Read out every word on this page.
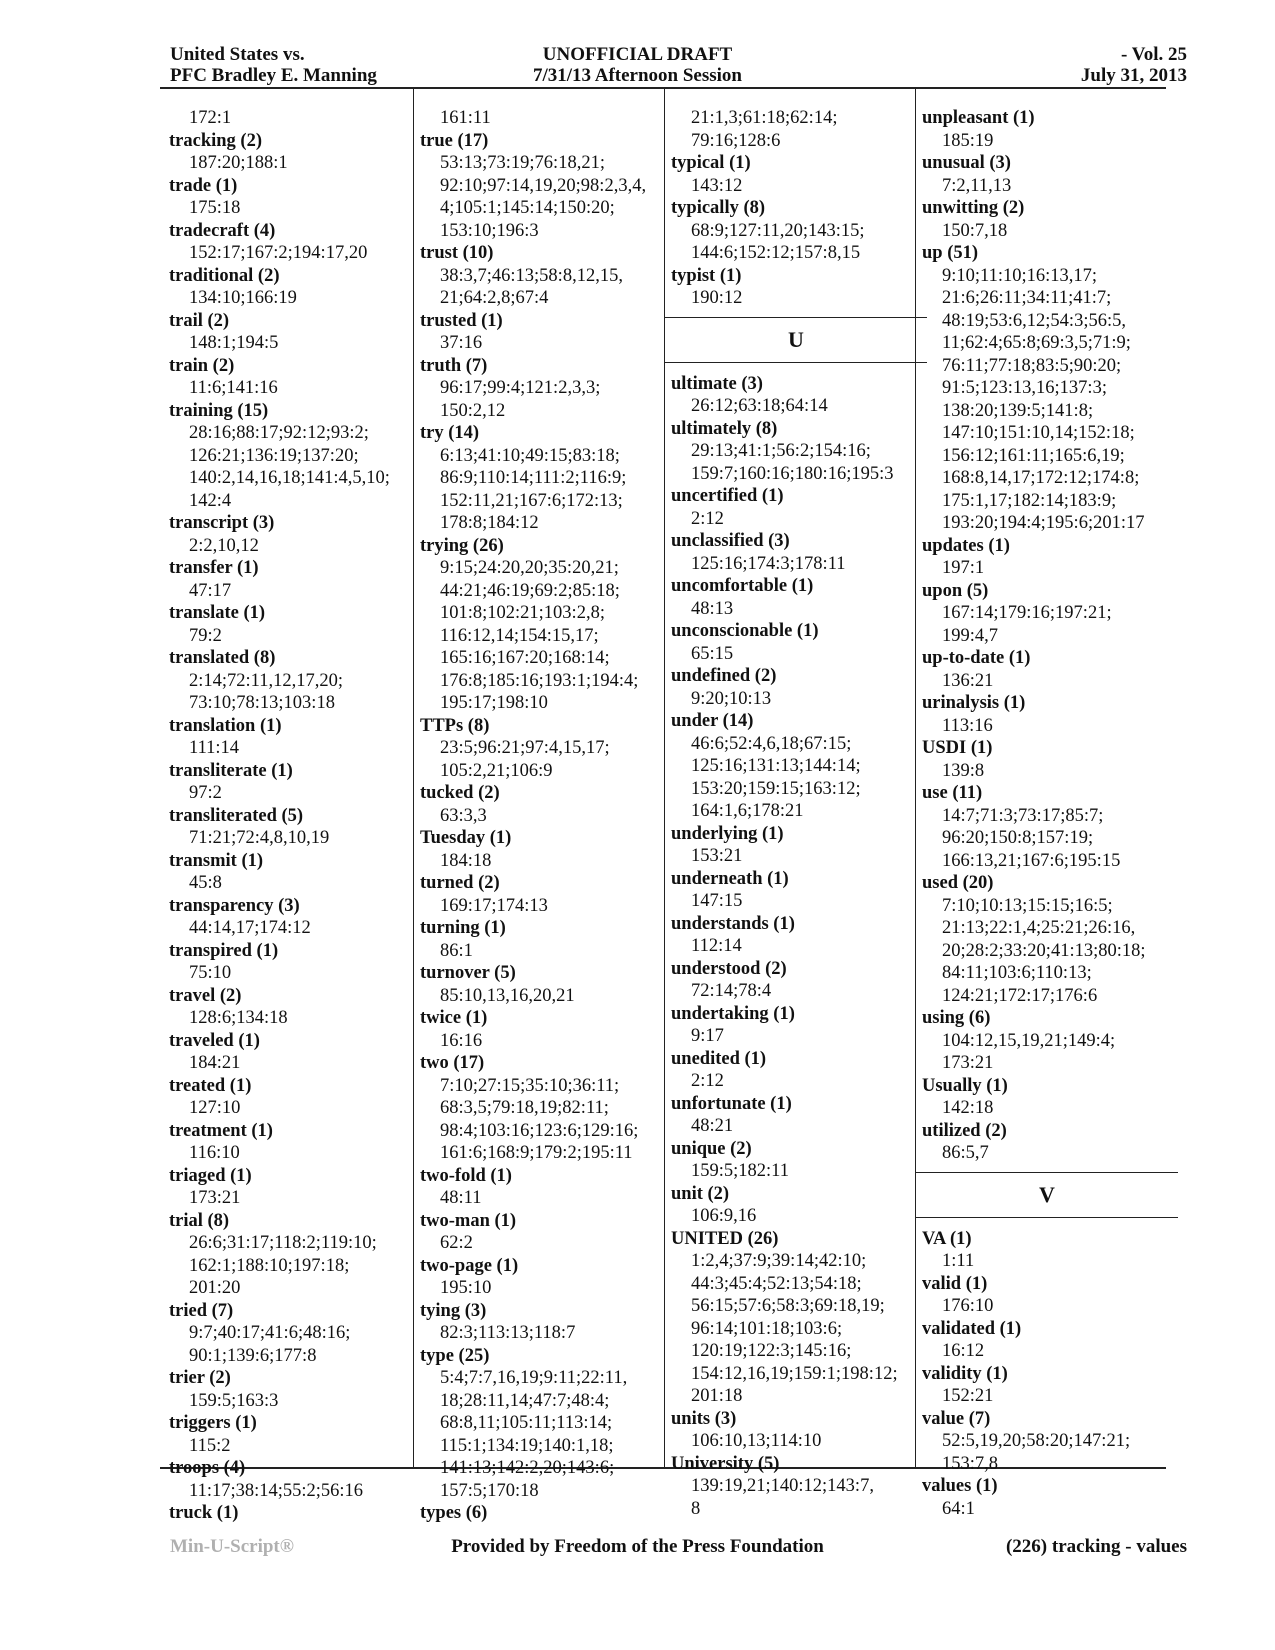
United States vs.
PFC Bradley E. Manning
UNOFFICIAL DRAFT
7/31/13 Afternoon Session
- Vol. 25
July 31, 2013
172:1
tracking (2)
187:20;188:1
trade (1)
175:18
tradecraft (4)
152:17;167:2;194:17,20
traditional (2)
134:10;166:19
trail (2)
148:1;194:5
train (2)
11:6;141:16
training (15)
28:16;88:17;92:12;93:2;
126:21;136:19;137:20;
140:2,14,16,18;141:4,5,10;
142:4
transcript (3)
2:2,10,12
transfer (1)
47:17
translate (1)
79:2
translated (8)
2:14;72:11,12,17,20;
73:10;78:13;103:18
translation (1)
111:14
transliterate (1)
97:2
transliterated (5)
71:21;72:4,8,10,19
transmit (1)
45:8
transparency (3)
44:14,17;174:12
transpired (1)
75:10
travel (2)
128:6;134:18
traveled (1)
184:21
treated (1)
127:10
treatment (1)
116:10
triaged (1)
173:21
trial (8)
26:6;31:17;118:2;119:10;
162:1;188:10;197:18;
201:20
tried (7)
9:7;40:17;41:6;48:16;
90:1;139:6;177:8
trier (2)
159:5;163:3
triggers (1)
115:2
troops (4)
11:17;38:14;55:2;56:16
truck (1)
161:11
true (17)
53:13;73:19;76:18,21;
92:10;97:14,19,20;98:2,3,4,
4;105:1;145:14;150:20;
153:10;196:3
trust (10)
38:3,7;46:13;58:8,12,15,
21;64:2,8;67:4
trusted (1)
37:16
truth (7)
96:17;99:4;121:2,3,3;
150:2,12
try (14)
6:13;41:10;49:15;83:18;
86:9;110:14;111:2;116:9;
152:11,21;167:6;172:13;
178:8;184:12
trying (26)
9:15;24:20,20;35:20,21;
44:21;46:19;69:2;85:18;
101:8;102:21;103:2,8;
116:12,14;154:15,17;
165:16;167:20;168:14;
176:8;185:16;193:1;194:4;
195:17;198:10
TTPs (8)
23:5;96:21;97:4,15,17;
105:2,21;106:9
tucked (2)
63:3,3
Tuesday (1)
184:18
turned (2)
169:17;174:13
turning (1)
86:1
turnover (5)
85:10,13,16,20,21
twice (1)
16:16
two (17)
7:10;27:15;35:10;36:11;
68:3,5;79:18,19;82:11;
98:4;103:16;123:6;129:16;
161:6;168:9;179:2;195:11
two-fold (1)
48:11
two-man (1)
62:2
two-page (1)
195:10
tying (3)
82:3;113:13;118:7
type (25)
5:4;7:7,16,19;9:11;22:11,
18;28:11,14;47:7;48:4;
68:8,11;105:11;113:14;
115:1;134:19;140:1,18;
141:13;142:2,20;143:6;
157:5;170:18
types (6)
21:1,3;61:18;62:14;
79:16;128:6
typical (1)
143:12
typically (8)
68:9;127:11,20;143:15;
144:6;152:12;157:8,15
typist (1)
190:12
U
ultimate (3)
26:12;63:18;64:14
ultimately (8)
29:13;41:1;56:2;154:16;
159:7;160:16;180:16;195:3
uncertified (1)
2:12
unclassified (3)
125:16;174:3;178:11
uncomfortable (1)
48:13
unconscionable (1)
65:15
undefined (2)
9:20;10:13
under (14)
46:6;52:4,6,18;67:15;
125:16;131:13;144:14;
153:20;159:15;163:12;
164:1,6;178:21
underlying (1)
153:21
underneath (1)
147:15
understands (1)
112:14
understood (2)
72:14;78:4
undertaking (1)
9:17
unedited (1)
2:12
unfortunate (1)
48:21
unique (2)
159:5;182:11
unit (2)
106:9,16
UNITED (26)
1:2,4;37:9;39:14;42:10;
44:3;45:4;52:13;54:18;
56:15;57:6;58:3;69:18,19;
96:14;101:18;103:6;
120:19;122:3;145:16;
154:12,16,19;159:1;198:12;
201:18
units (3)
106:10,13;114:10
University (5)
139:19,21;140:12;143:7,
8
unpleasant (1)
185:19
unusual (3)
7:2,11,13
unwitting (2)
150:7,18
up (51)
9:10;11:10;16:13,17;
21:6;26:11;34:11;41:7;
48:19;53:6,12;54:3;56:5,
11;62:4;65:8;69:3,5;71:9;
76:11;77:18;83:5;90:20;
91:5;123:13,16;137:3;
138:20;139:5;141:8;
147:10;151:10,14;152:18;
156:12;161:11;165:6,19;
168:8,14,17;172:12;174:8;
175:1,17;182:14;183:9;
193:20;194:4;195:6;201:17
updates (1)
197:1
upon (5)
167:14;179:16;197:21;
199:4,7
up-to-date (1)
136:21
urinalysis (1)
113:16
USDI (1)
139:8
use (11)
14:7;71:3;73:17;85:7;
96:20;150:8;157:19;
166:13,21;167:6;195:15
used (20)
7:10;10:13;15:15;16:5;
21:13;22:1,4;25:21;26:16,
20;28:2;33:20;41:13;80:18;
84:11;103:6;110:13;
124:21;172:17;176:6
using (6)
104:12,15,19,21;149:4;
173:21
Usually (1)
142:18
utilized (2)
86:5,7
V
VA (1)
1:11
valid (1)
176:10
validated (1)
16:12
validity (1)
152:21
value (7)
52:5,19,20;58:20;147:21;
153:7,8
values (1)
64:1
Min-U-Script®	Provided by Freedom of the Press Foundation	(226) tracking - values
